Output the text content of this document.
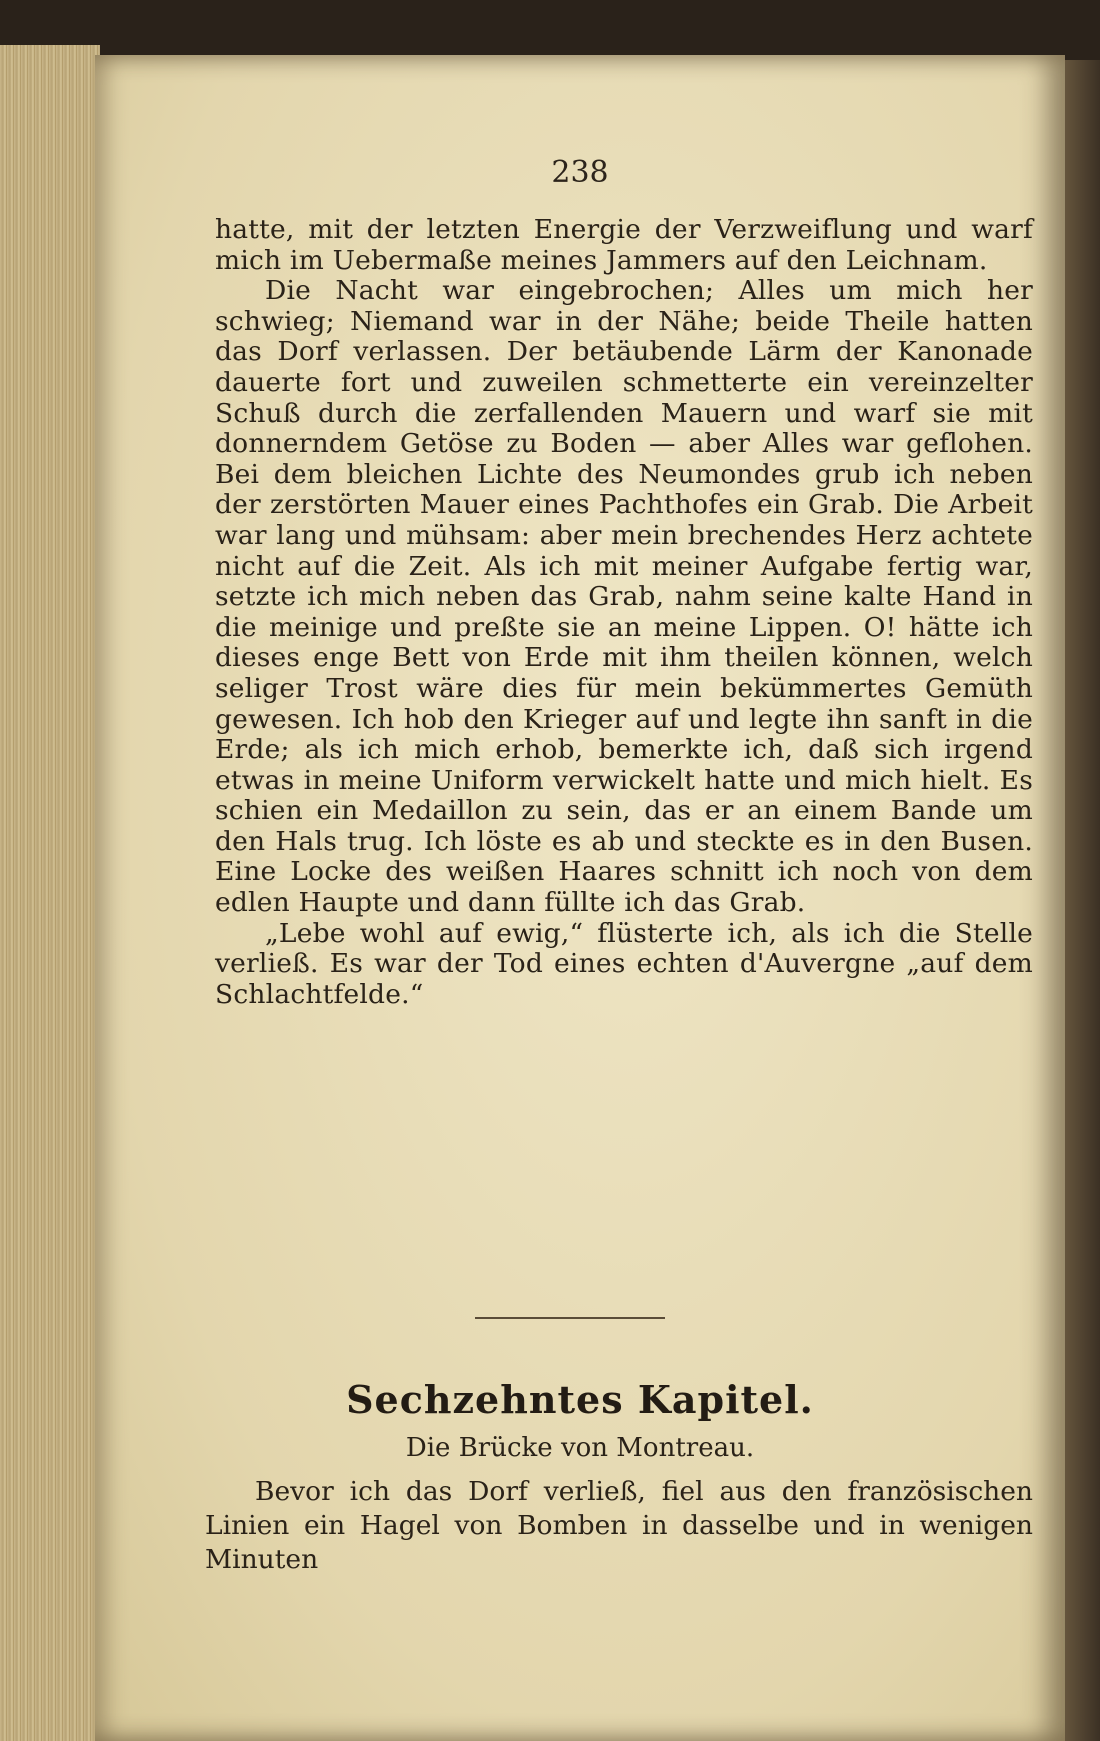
238

hatte, mit der letzten Energie der Verzweiflung und warf mich im Uebermaße meines Jammers auf den Leichnam.

Die Nacht war eingebrochen; Alles um mich her schwieg; Niemand war in der Nähe; beide Theile hatten das Dorf verlassen. Der betäubende Lärm der Kanonade dauerte fort und zuweilen schmetterte ein vereinzelter Schuß durch die zerfallenden Mauern und warf sie mit donnerndem Getöse zu Boden — aber Alles war geflohen. Bei dem bleichen Lichte des Neumondes grub ich neben der zerstörten Mauer eines Pachthofes ein Grab. Die Arbeit war lang und mühsam: aber mein brechendes Herz achtete nicht auf die Zeit. Als ich mit meiner Aufgabe fertig war, setzte ich mich neben das Grab, nahm seine kalte Hand in die meinige und preßte sie an meine Lippen. O! hätte ich dieses enge Bett von Erde mit ihm theilen können, welch seliger Trost wäre dies für mein bekümmertes Gemüth gewesen. Ich hob den Krieger auf und legte ihn sanft in die Erde; als ich mich erhob, bemerkte ich, daß sich irgend etwas in meine Uniform verwickelt hatte und mich hielt. Es schien ein Medaillon zu sein, das er an einem Bande um den Hals trug. Ich löste es ab und steckte es in den Busen. Eine Locke des weißen Haares schnitt ich noch von dem edlen Haupte und dann füllte ich das Grab.

„Lebe wohl auf ewig,“ flüsterte ich, als ich die Stelle verließ. Es war der Tod eines echten d'Auvergne „auf dem Schlachtfelde.“

Sechzehntes Kapitel.
Die Brücke von Montreau.

Bevor ich das Dorf verließ, fiel aus den französischen Linien ein Hagel von Bomben in dasselbe und in wenigen Minuten
